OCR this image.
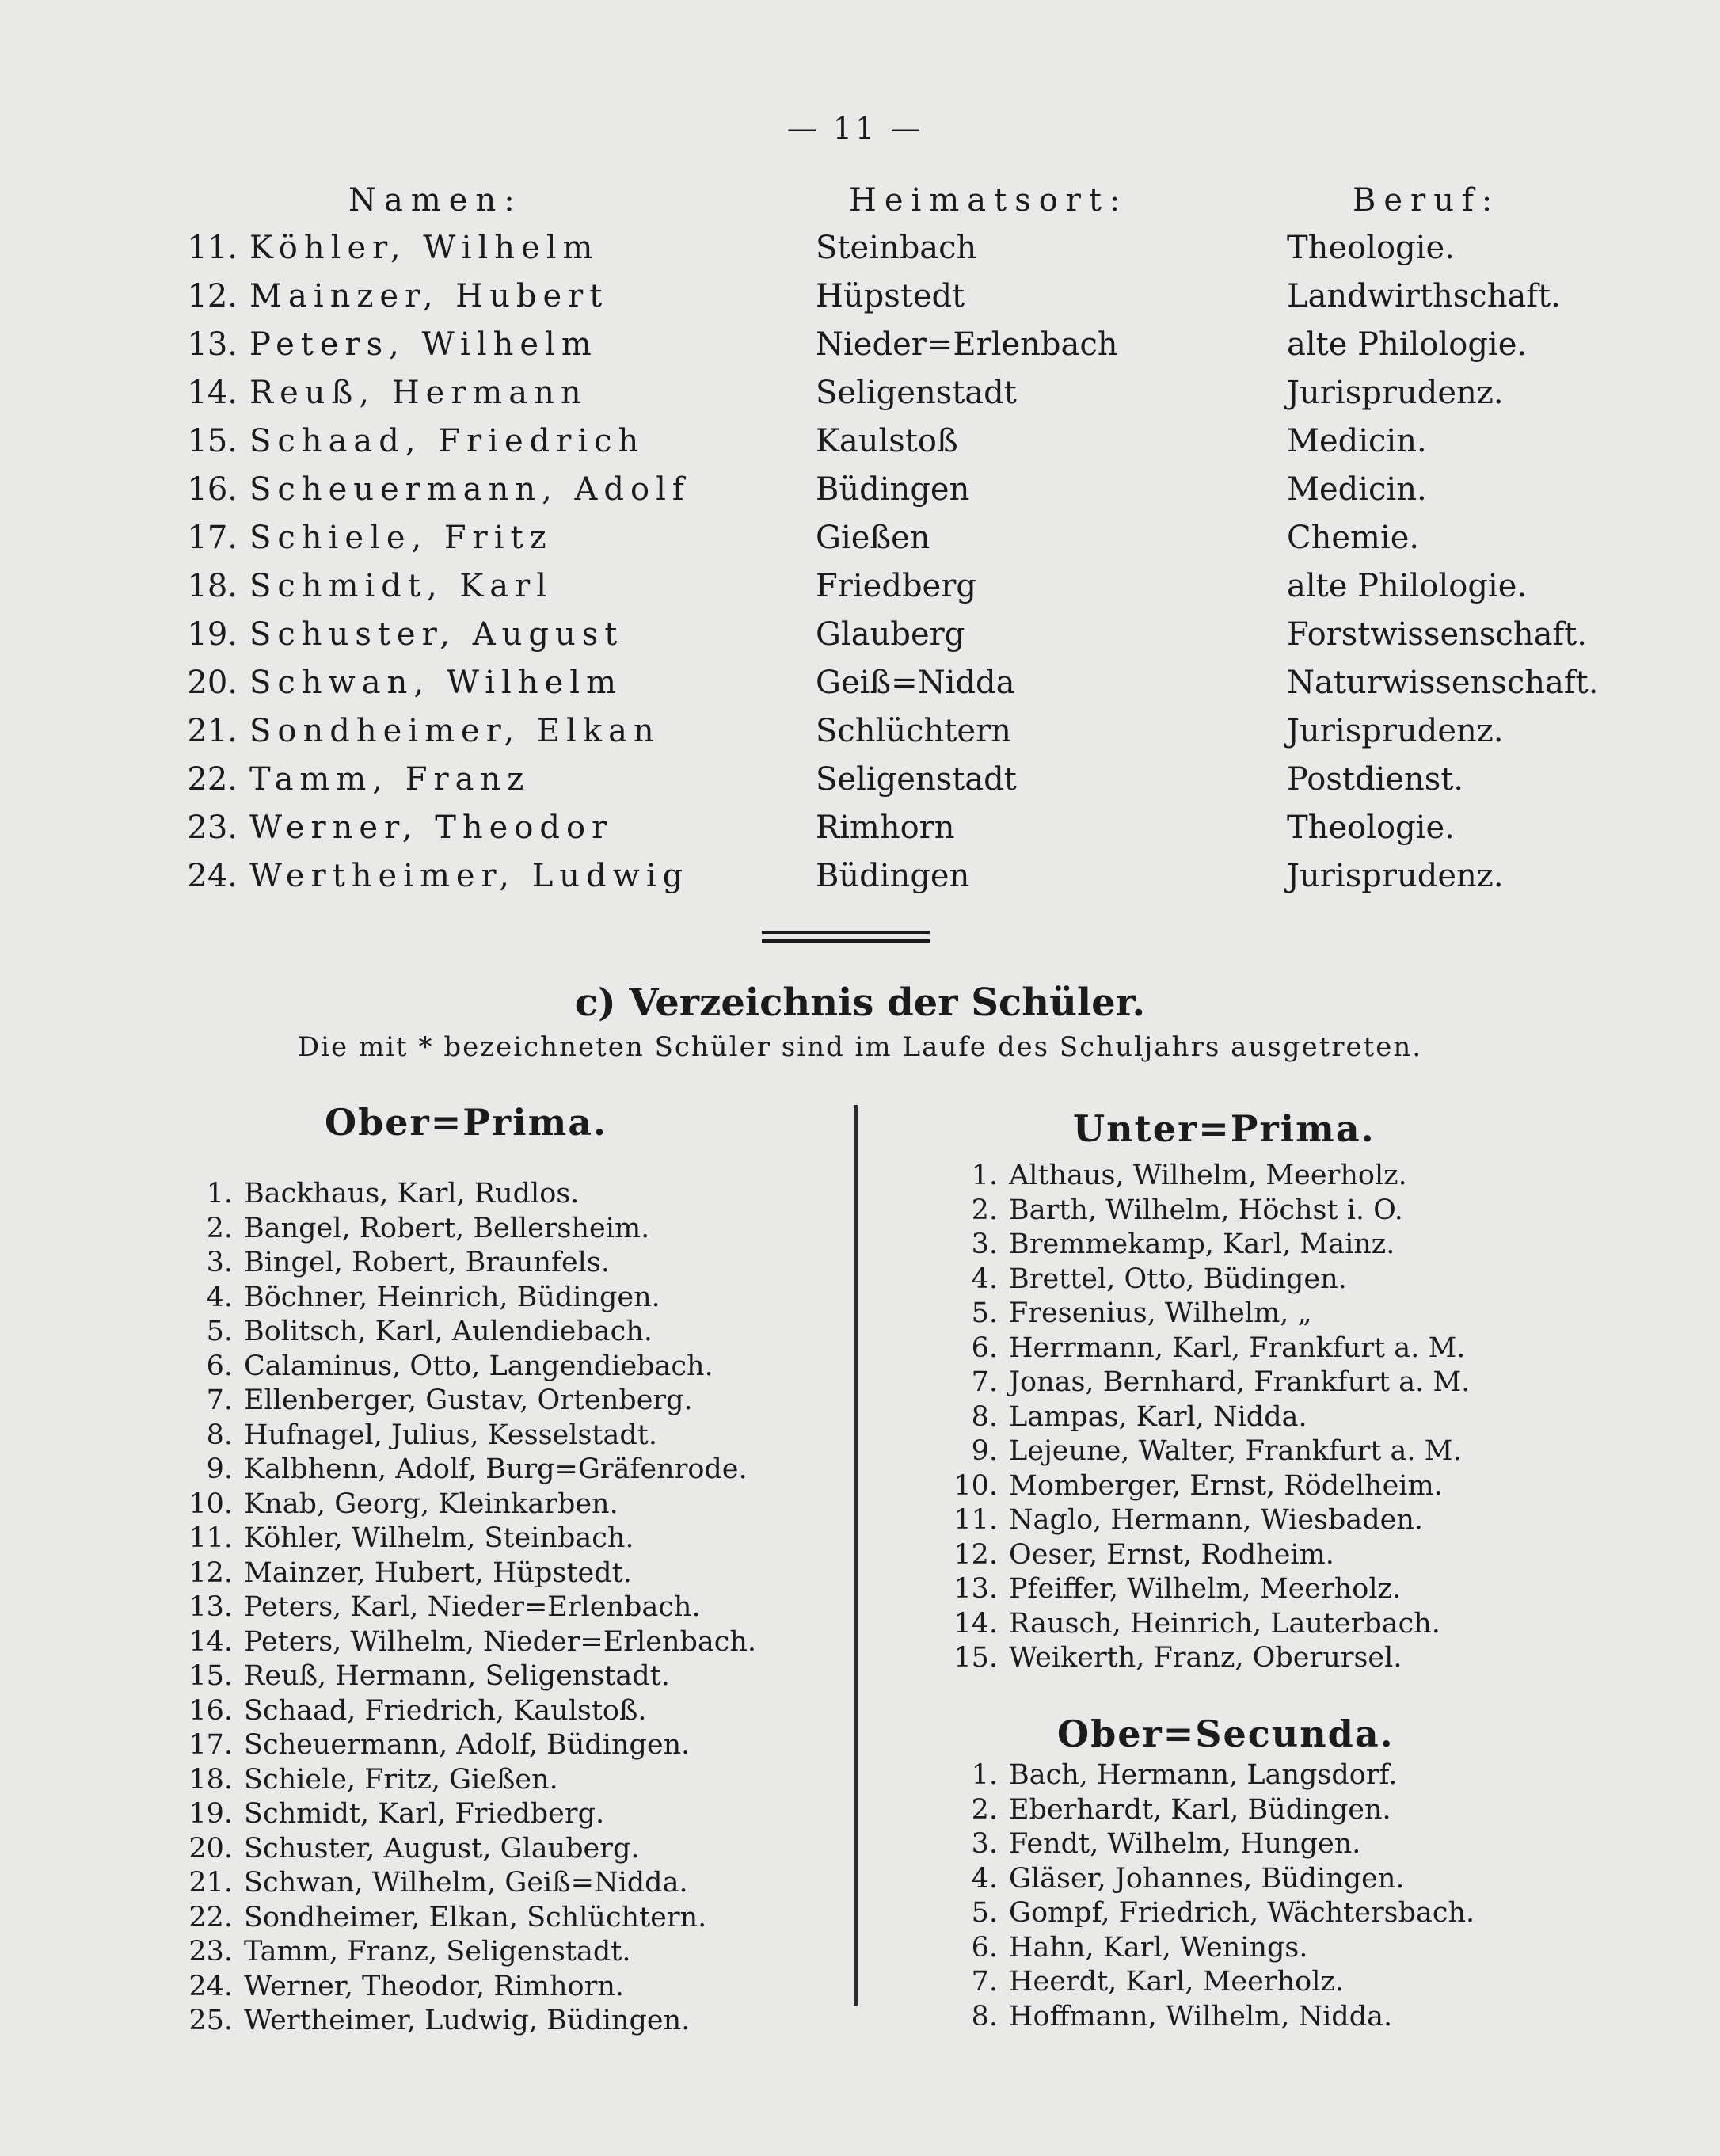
— 11 —
Namen:	Heimatsort:	Beruf:
11. Köhler, Wilhelm	Steinbach	Theologie.
12. Mainzer, Hubert	Hüpstedt	Landwirthschaft.
13. Peters, Wilhelm	Nieder=Erlenbach	alte Philologie.
14. Reuß, Hermann	Seligenstadt	Jurisprudenz.
15. Schaad, Friedrich	Kaulstoß	Medicin.
16. Scheuermann, Adolf	Büdingen	Medicin.
17. Schiele, Fritz	Gießen	Chemie.
18. Schmidt, Karl	Friedberg	alte Philologie.
19. Schuster, August	Glauberg	Forstwissenschaft.
20. Schwan, Wilhelm	Geiß=Nidda	Naturwissenschaft.
21. Sondheimer, Elkan	Schlüchtern	Jurisprudenz.
22. Tamm, Franz	Seligenstadt	Postdienst.
23. Werner, Theodor	Rimhorn	Theologie.
24. Wertheimer, Ludwig	Büdingen	Jurisprudenz.
c) Verzeichnis der Schüler.
Die mit * bezeichneten Schüler sind im Laufe des Schuljahrs ausgetreten.
Ober=Prima.
1. Backhaus, Karl, Rudlos.
2. Bangel, Robert, Bellersheim.
3. Bingel, Robert, Braunfels.
4. Böchner, Heinrich, Büdingen.
5. Bolitsch, Karl, Aulendiebach.
6. Calaminus, Otto, Langendiebach.
7. Ellenberger, Gustav, Ortenberg.
8. Hufnagel, Julius, Kesselstadt.
9. Kalbhenn, Adolf, Burg=Gräfenrode.
10. Knab, Georg, Kleinkarben.
11. Köhler, Wilhelm, Steinbach.
12. Mainzer, Hubert, Hüpstedt.
13. Peters, Karl, Nieder=Erlenbach.
14. Peters, Wilhelm, Nieder=Erlenbach.
15. Reuß, Hermann, Seligenstadt.
16. Schaad, Friedrich, Kaulstoß.
17. Scheuermann, Adolf, Büdingen.
18. Schiele, Fritz, Gießen.
19. Schmidt, Karl, Friedberg.
20. Schuster, August, Glauberg.
21. Schwan, Wilhelm, Geiß=Nidda.
22. Sondheimer, Elkan, Schlüchtern.
23. Tamm, Franz, Seligenstadt.
24. Werner, Theodor, Rimhorn.
25. Wertheimer, Ludwig, Büdingen.
Unter=Prima.
1. Althaus, Wilhelm, Meerholz.
2. Barth, Wilhelm, Höchst i. O.
3. Bremmekamp, Karl, Mainz.
4. Brettel, Otto, Büdingen.
5. Fresenius, Wilhelm, „
6. Herrmann, Karl, Frankfurt a. M.
7. Jonas, Bernhard, Frankfurt a. M.
8. Lampas, Karl, Nidda.
9. Lejeune, Walter, Frankfurt a. M.
10. Momberger, Ernst, Rödelheim.
11. Naglo, Hermann, Wiesbaden.
12. Oeser, Ernst, Rodheim.
13. Pfeiffer, Wilhelm, Meerholz.
14. Rausch, Heinrich, Lauterbach.
15. Weikerth, Franz, Oberursel.
Ober=Secunda.
1. Bach, Hermann, Langsdorf.
2. Eberhardt, Karl, Büdingen.
3. Fendt, Wilhelm, Hungen.
4. Gläser, Johannes, Büdingen.
5. Gompf, Friedrich, Wächtersbach.
6. Hahn, Karl, Wenings.
7. Heerdt, Karl, Meerholz.
8. Hoffmann, Wilhelm, Nidda.
